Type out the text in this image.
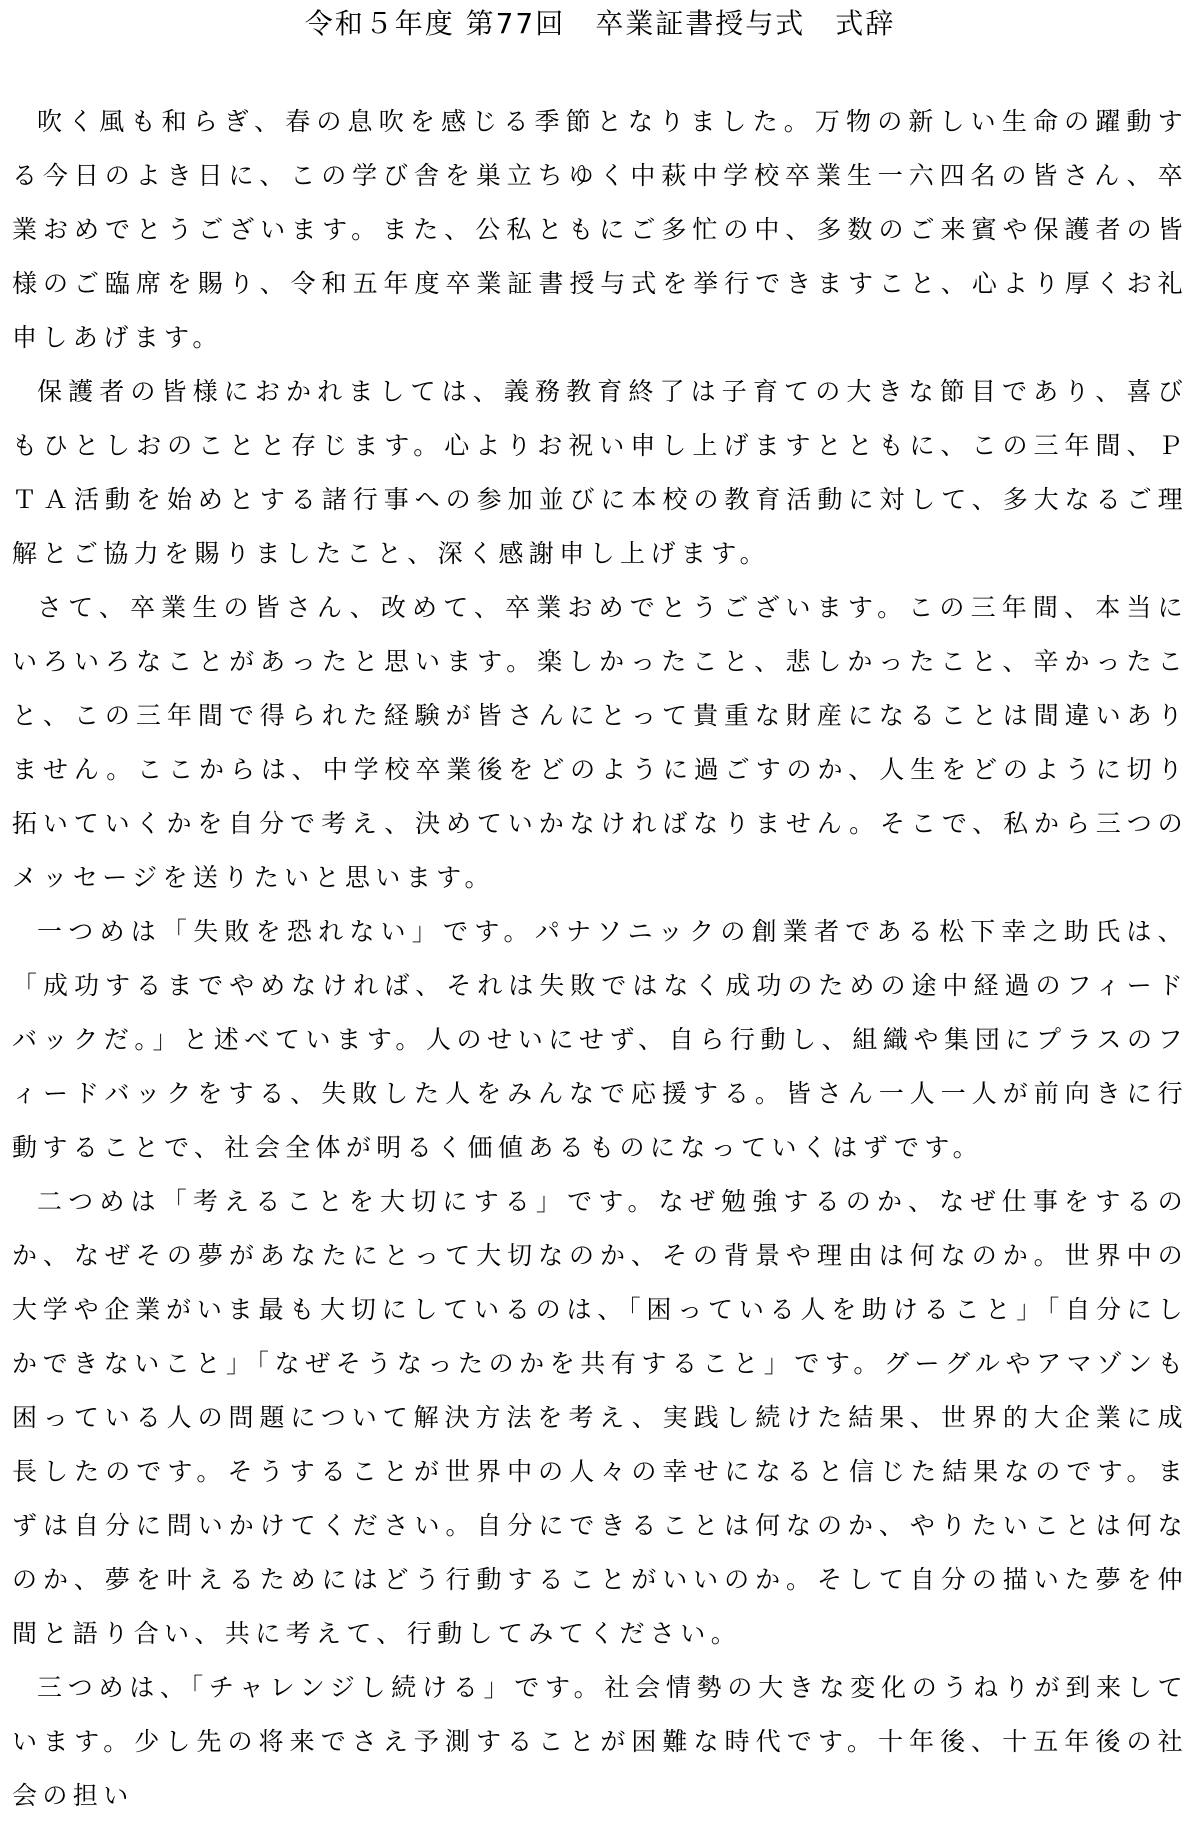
令和５年度 第77回　卒業証書授与式　式辞

吹く風も和らぎ、春の息吹を感じる季節となりました。万物の新しい生命の躍動する今日のよき日に、この学び舎を巣立ちゆく中萩中学校卒業生一六四名の皆さん、卒業おめでとうございます。また、公私ともにご多忙の中、多数のご来賓や保護者の皆様のご臨席を賜り、令和五年度卒業証書授与式を挙行できますこと、心より厚くお礼申しあげます。

保護者の皆様におかれましては、義務教育終了は子育ての大きな節目であり、喜びもひとしおのことと存じます。心よりお祝い申し上げますとともに、この三年間、ＰＴＡ活動を始めとする諸行事への参加並びに本校の教育活動に対して、多大なるご理解とご協力を賜りましたこと、深く感謝申し上げます。

さて、卒業生の皆さん、改めて、卒業おめでとうございます。この三年間、本当にいろいろなことがあったと思います。楽しかったこと、悲しかったこと、辛かったこと、この三年間で得られた経験が皆さんにとって貴重な財産になることは間違いありません。ここからは、中学校卒業後をどのように過ごすのか、人生をどのように切り拓いていくかを自分で考え、決めていかなければなりません。そこで、私から三つのメッセージを送りたいと思います。

一つめは「失敗を恐れない」です。パナソニックの創業者である松下幸之助氏は、「成功するまでやめなければ、それは失敗ではなく成功のための途中経過のフィードバックだ。」と述べています。人のせいにせず、自ら行動し、組織や集団にプラスのフィードバックをする、失敗した人をみんなで応援する。皆さん一人一人が前向きに行動することで、社会全体が明るく価値あるものになっていくはずです。

二つめは「考えることを大切にする」です。なぜ勉強するのか、なぜ仕事をするのか、なぜその夢があなたにとって大切なのか、その背景や理由は何なのか。世界中の大学や企業がいま最も大切にしているのは、「困っている人を助けること」「自分にしかできないこと」「なぜそうなったのかを共有すること」です。グーグルやアマゾンも困っている人の問題について解決方法を考え、実践し続けた結果、世界的大企業に成長したのです。そうすることが世界中の人々の幸せになると信じた結果なのです。まずは自分に問いかけてください。自分にできることは何なのか、やりたいことは何なのか、夢を叶えるためにはどう行動することがいいのか。そして自分の描いた夢を仲間と語り合い、共に考えて、行動してみてください。

三つめは、「チャレンジし続ける」です。社会情勢の大きな変化のうねりが到来しています。少し先の将来でさえ予測することが困難な時代です。十年後、十五年後の社会の担い
